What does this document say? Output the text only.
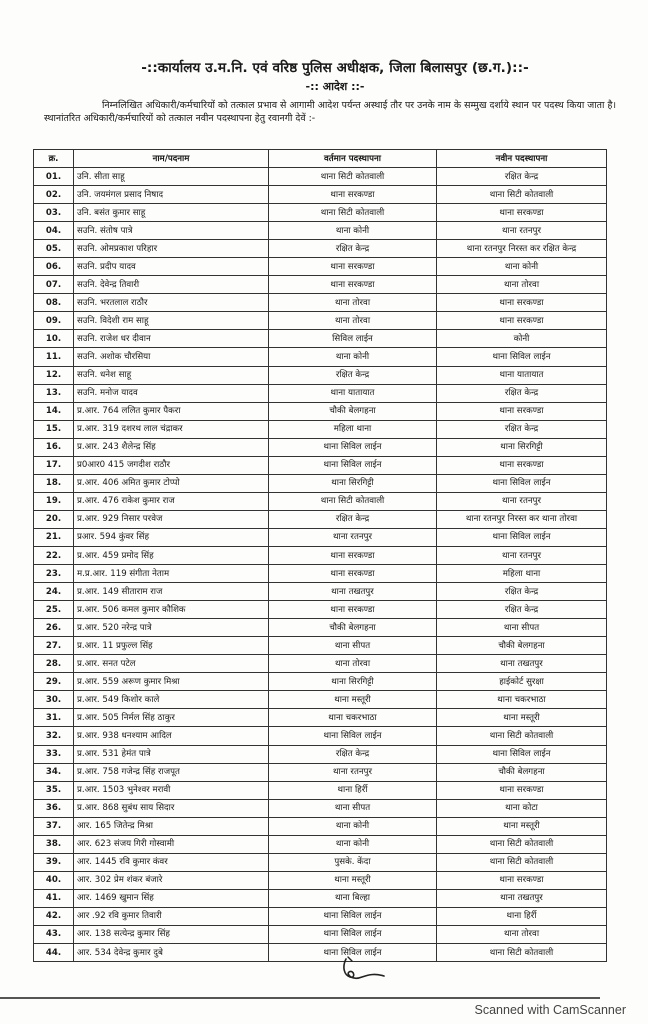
-::कार्यालय उ.म.नि. एवं वरिष्ठ पुलिस अधीक्षक, जिला बिलासपुर (छ.ग.)::-
-:: आदेश ::-
निम्नलिखित अधिकारी/कर्मचारियों को तत्काल प्रभाव से आगामी आदेश पर्यन्त अस्थाई तौर पर उनके नाम के सम्मुख दर्शाये स्थान पर पदस्थ किया जाता है। स्थानांतरित अधिकारी/कर्मचारियों को तत्काल नवीन पदस्थापना हेतु रवानगी देवें :-
क्र.	नाम/पदनाम	वर्तमान पदस्थापना	नवीन पदस्थापना
01.	उनि. सीता साहू	थाना सिटी कोतवाली	रक्षित केन्द्र
02.	उनि. जयमंगल प्रसाद निषाद	थाना सरकण्डा	थाना सिटी कोतवाली
03.	उनि. बसंत कुमार साहू	थाना सिटी कोतवाली	थाना सरकण्डा
04.	सउनि. संतोष पात्रे	थाना कोनी	थाना रतनपुर
05.	सउनि. ओमप्रकाश परिहार	रक्षित केन्द्र	थाना रतनपुर निरस्त कर रक्षित केन्द्र
06.	सउनि. प्रदीप यादव	थाना सरकण्डा	थाना कोनी
07.	सउनि. देवेन्द्र तिवारी	थाना सरकण्डा	थाना तोरवा
08.	सउनि. भरतलाल राठौर	थाना तोरवा	थाना सरकण्डा
09.	सउनि. विदेशी राम साहू	थाना तोरवा	थाना सरकण्डा
10.	सउनि. राजेश धर दीवान	सिविल लाईन	कोनी
11.	सउनि. अशोक चौरसिया	थाना कोनी	थाना सिविल लाईन
12.	सउनि. धनेश साहू	रक्षित केन्द्र	थाना यातायात
13.	सउनि. मनोज यादव	थाना यातायात	रक्षित केन्द्र
14.	प्र.आर. 764 ललित कुमार पैकरा	चौकी बेलगहना	थाना सरकण्डा
15.	प्र.आर. 319 दशरथ लाल चंद्राकर	महिला थाना	रक्षित केन्द्र
16.	प्र.आर. 243 शैलेन्द्र सिंह	थाना सिविल लाईन	थाना सिरगिट्टी
17.	प्र0आर0 415 जगदीश राठौर	थाना सिविल लाईन	थाना सरकण्डा
18.	प्र.आर. 406 अमित कुमार टोप्पो	थाना सिरगिट्टी	थाना सिविल लाईन
19.	प्र.आर. 476 राकेश कुमार राज	थाना सिटी कोतवाली	थाना रतनपुर
20.	प्र.आर. 929 निसार परवेज	रक्षित केन्द्र	थाना रतनपुर निरस्त कर थाना तोरवा
21.	प्रआर. 594 कुंवर सिंह	थाना रतनपुर	थाना सिविल लाईन
22.	प्र.आर. 459 प्रमोद सिंह	थाना सरकण्डा	थाना रतनपुर
23.	म.प्र.आर. 119 संगीता नेताम	थाना सरकण्डा	महिला थाना
24.	प्र.आर. 149 सीताराम राज	थाना तखतपुर	रक्षित केन्द्र
25.	प्र.आर. 506 कमल कुमार कौशिक	थाना सरकण्डा	रक्षित केन्द्र
26.	प्र.आर. 520 नरेन्द्र पात्रे	चौकी बेलगहना	थाना सीपत
27.	प्र.आर. 11 प्रफुल्ल सिंह	थाना सीपत	चौकी बेलगहना
28.	प्र.आर. सनत पटेल	थाना तोरवा	थाना तखतपुर
29.	प्र.आर. 559 अरूण कुमार मिश्रा	थाना सिरगिट्टी	हाईकोर्ट सुरक्षा
30.	प्र.आर. 549 किशोर काले	थाना मस्तूरी	थाना चकरभाठा
31.	प्र.आर. 505 निर्मल सिंह ठाकुर	थाना चकरभाठा	थाना मस्तूरी
32.	प्र.आर. 938 धनश्याम आदिल	थाना सिविल लाईन	थाना सिटी कोतवाली
33.	प्र.आर. 531 हेमंत पात्रे	रक्षित केन्द्र	थाना सिविल लाईन
34.	प्र.आर. 758 गजेन्द्र सिंह राजपूत	थाना रतनपुर	चौकी बेलगहना
35.	प्र.आर. 1503 भुनेश्वर मरावी	थाना हिर्री	थाना सरकण्डा
36.	प्र.आर. 868 सुबंध साय सिदार	थाना सीपत	थाना कोटा
37.	आर. 165 जितेन्द्र मिश्रा	थाना कोनी	थाना मस्तूरी
38.	आर. 623 संजय गिरी गोस्वामी	थाना कोनी	थाना सिटी कोतवाली
39.	आर. 1445 रवि कुमार कंवर	पुसके. केंदा	थाना सिटी कोतवाली
40.	आर. 302 प्रेम शंकर बंजारे	थाना मस्तूरी	थाना सरकण्डा
41.	आर. 1469 खुमान सिंह	थाना बिल्हा	थाना तखतपुर
42.	आर .92 रवि कुमार तिवारी	थाना सिविल लाईन	थाना हिर्री
43.	आर. 138 सत्येन्द्र कुमार सिंह	थाना सिविल लाईन	थाना तोरवा
44.	आर. 534 देवेन्द्र कुमार दुबे	थाना सिविल लाईन	थाना सिटी कोतवाली
Scanned with CamScanner
